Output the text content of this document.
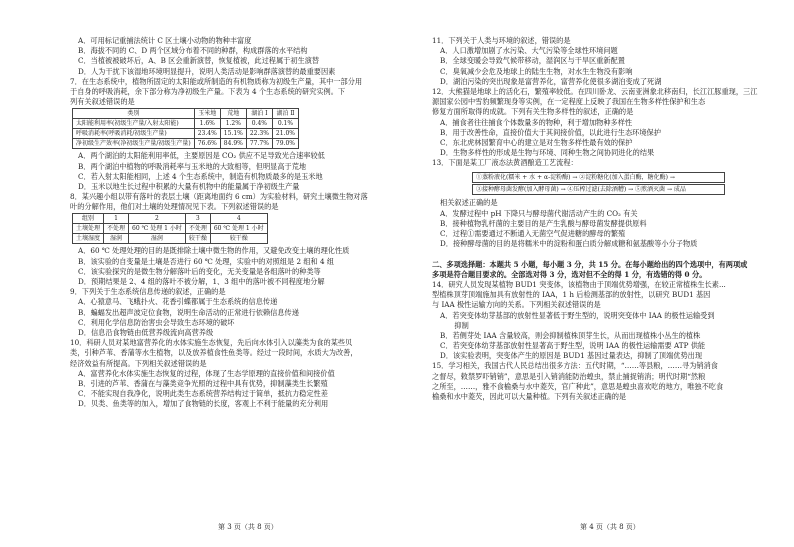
A．可用标记重捕法统计 C 区土壤小动物的物种丰富度
B．海拔不同的 C、D 两个区域分布着不同的种群，构成群落的水平结构
C．当植被被破坏后，A、B 区会重新演替，恢复植被，此过程属于初生演替
D．人为干扰下该湿地环境明显提升，说明人类活动是影响群落演替的最重要因素
7．在生态系统中，植物所固定的太阳能或所制造的有机物质称为初级生产量，其中一部分用
于自身的呼吸消耗，余下部分称为净初级生产量。下表为 4 个生态系统的研究实例。下
列有关叙述错误的是
类别	玉米地	荒地	湖泊 Ⅰ	湖泊 Ⅱ
太阳能利用率(初级生产量/入射太阳能)	1.6%	1.2%	0.4%	0.1%
呼吸消耗率(呼吸消耗/初级生产量)	23.4%	15.1%	22.3%	21.0%
净初级生产效率(净初级生产量/初级生产量)	76.6%	84.9%	77.7%	79.0%
A．两个湖泊的太阳能利用率低，主要原因是 CO₂ 供应不足导致光合速率较低
B．两个湖泊中植物的呼吸消耗率与玉米地的大致相等，但明显高于荒地
C．若入射太阳能相同，上述 4 个生态系统中，制造有机物质最多的是玉米地
D．玉米以地生长过程中积累的大量有机物中的能量属于净初级生产量
8．某兴趣小组以带有落叶的表层土壤（距离地面约 6 cm）为实验材料，研究土壤微生物对落
叶的分解作用，他们对土壤的处理情况见下表。下列叙述错误的是
组别	1	2	3	4
土壤处理	不处理	60 ℃ 处理 1 小时	不处理	60 ℃ 处理 1 小时
土壤湿度	湿润	湿润	较干燥	较干燥
A．60 ℃ 处理处理的目的是既排除土壤中微生物的作用，又避免改变土壤的理化性质
B．该实验的自变量是土壤是否进行 60 ℃ 处理，实验中的对照组是 2 组和 4 组
C．该实验探究的是微生物分解落叶后的变化，无关变量是各组落叶的种类等
D．预期结果是 2、4 组的落叶不被分解，1、3 组中的落叶被不同程度地分解
9．下列关于生态系统信息传递的叙述，正确的是
A．心猿意马、飞蛾扑火、花香引蝶都属于生态系统的信息传递
B．蝙蝠发出超声波定位食物，说明生命活动的正常进行依赖信息传递
C．利用化学信息防治害虫会导致生态环境的破坏
D．信息沿食物链由低营养级流向高营养级
10．科研人员对某地富营养化的水体实施生态恢复，先后向水体引入以藻类为食的某些贝
类，引种芦苇、香蒲等水生植物，以及放养植食性鱼类等。经过一段时间，水质大为改善，
经济效益有所提高。下列相关叙述错误的是
A．富营养化水体实施生态恢复的过程，体现了生态学原理的直接价值和间接价值
B．引进的芦苇、香蒲在与藻类竞争光照的过程中具有优势，抑制藻类生长繁殖
C．不能实现自我净化，说明此类生态系统营养结构过于简单，抵抗力稳定性差
D．贝类、鱼类等的加入，增加了食物链的长度，客观上不利于能量的充分利用
11．下列关于人类与环境的叙述，错误的是
A．人口激增加剧了水污染、大气污染等全球性环境问题
B．全球变暖会导致气候带移动，湿润区与干旱区重新配置
C．臭氧减少会危及地球上的陆生生物，对水生生物没有影响
D．湖泊污染的突出现象是富营养化，富营养化使很多湖泊变成了死湖
12．大熊猫是地球上的活化石，繁殖率较低。在四川卧龙、云南亚洲象北移南归，长江江豚重现，三江
源国家公园中雪豹频繁现身等实例，在一定程度上反映了我国在生物多样性保护和生态
修复方面所取得的成就。下列有关生物多样性的叙述，正确的是
A．捕食者往往捕食个体数量多的物种，利于增加物种多样性
B．用于改善性命，直接价值大于其间接价值，以此进行生态环境保护
C．东北虎林园繁育中心的建立是对生物多样性最有效的保护
D．生物多样性的形成是生物与环境、同种生物之间协同进化的结果
13．下面是某工厂液态法黄酒酿造工艺流程：
①蒸粉液化(糯米 + 水 + α-淀粉酶) → ②淀粉糖化(加入蛋白酶，糖化酶) →
③接种酵母菌发酵(加入酵母菌) → ④压榨过滤(去除酒糟) → ⑤煎酒灭菌 → 成品
相关叙述正确的是
A．发酵过程中 pH 下降只与酵母菌代谢活动产生的 CO₂ 有关
B．接种植物乳杆菌的主要目的是产生乳酸与酵母菌发酵提供原料
C．过程①需要通过不断通入无菌空气促进糖的酵母的繁殖
D．接种酵母菌的目的是将糯米中的淀粉和蛋白质分解成糖和氨基酸等小分子物质
二、多项选择题：本题共 5 小题，每小题 3 分，共 15 分。在每小题给出的四个选项中，有两项或
多项是符合题目要求的。全部选对得 3 分，选对但不全的得 1 分，有选错的得 0 分。
14．研究人员发现某植物 BUD1 突变体，该植物由于顶端优势增强，在较正常植株生长素...
型植株顶芽顶端施加具有放射性的 IAA，1 h 后检测基部的放射性，以研究 BUD1 基因
与 IAA 极性运输方向的关系。下列相关叙述错误的是
A．若突变体幼芽基部的放射性显著低于野生型的，说明突变体中 IAA 的极性运输受到
　　抑制
B．若侧芽处 IAA 含量较高，则会抑制植株顶芽生长，从而出现植株小丛生的植株
C．若突变体幼芽基部放射性显著高于野生型，说明 IAA 的极性运输需要 ATP 供能
D．该实验表明，突变体产生的原因是 BUD1 基因过量表达，抑制了顶端优势出现
15．学习相关，我国古代人民总结出很多方法：五代时期，“……等县粮，……寻为销消食
之督尽，敕禁罗吓销销”，意思是引入销消能防治蝗虫，禁止捕捉销消；明代时期“然粮
之所至，……，雅不食榆桑与水中菱芡，官广种此”，意思是蝗虫喜欢吃的地方，唯独不吃食
榆桑和水中菱芡，因此可以大量种植。下列有关叙述正确的是
第 3 页（共 8 页）	第 4 页（共 8 页）
